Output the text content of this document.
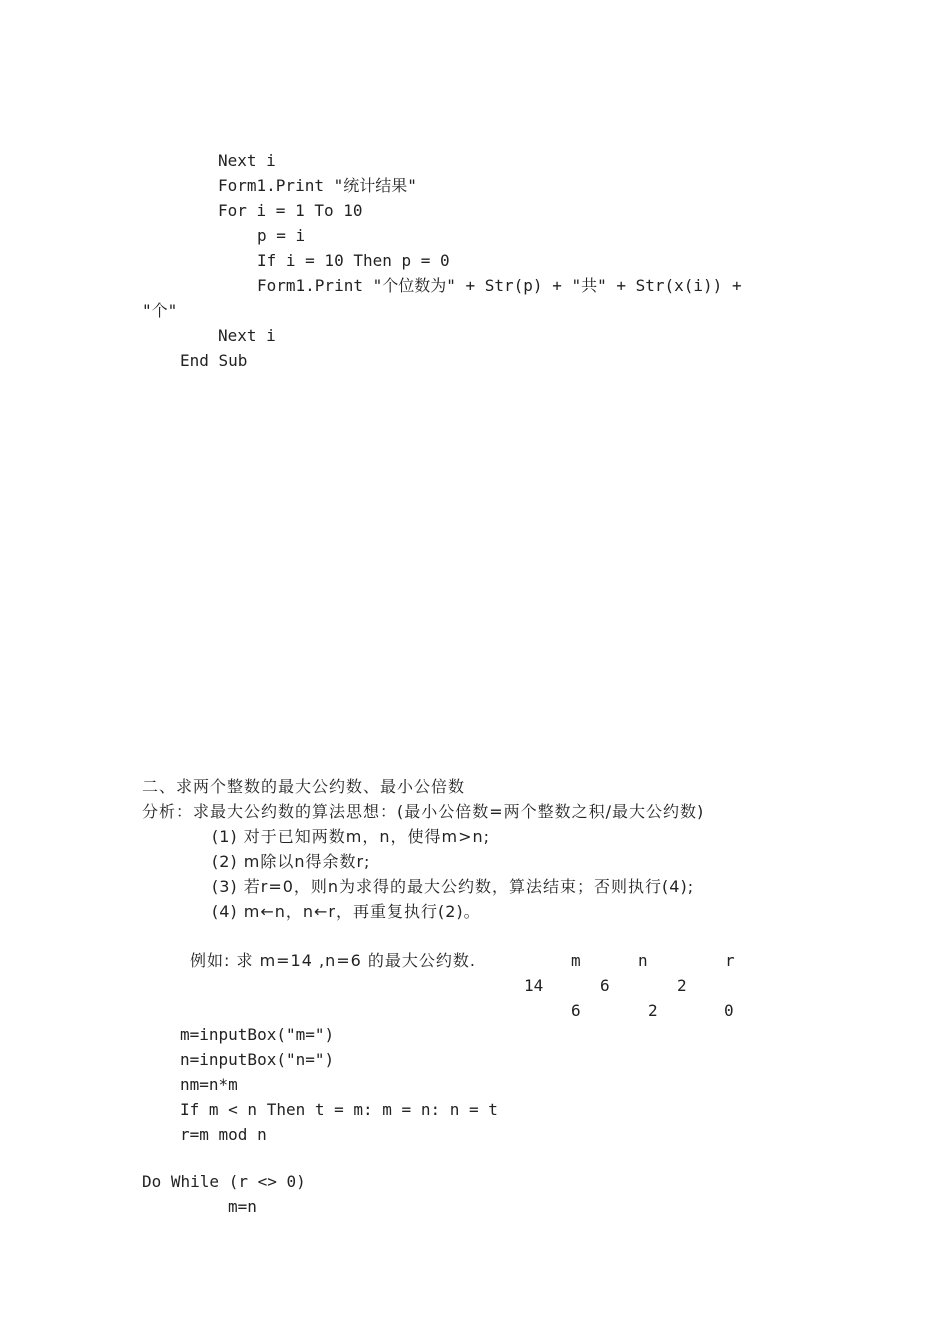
Next i
Form1.Print "统计结果"
For i = 1 To 10
p = i
If i = 10 Then p = 0
Form1.Print "个位数为" + Str(p) + "共" + Str(x(i)) +
"个"
Next i
End Sub
二、求两个整数的最大公约数、最小公倍数
分析：求最大公约数的算法思想：(最小公倍数=两个整数之积/最大公约数)
(1) 对于已知两数m，n，使得m>n;
(2) m除以n得余数r;
(3) 若r=0，则n为求得的最大公约数，算法结束；否则执行(4);
(4) m←n，n←r，再重复执行(2)。
例如: 求 m=14 ,n=6 的最大公约数.	m	n	r
14	6	2
6	2	0
m=inputBox("m=")
n=inputBox("n=")
nm=n*m
If m < n Then t = m: m = n: n = t
r=m mod n
Do While (r <> 0)
m=n
